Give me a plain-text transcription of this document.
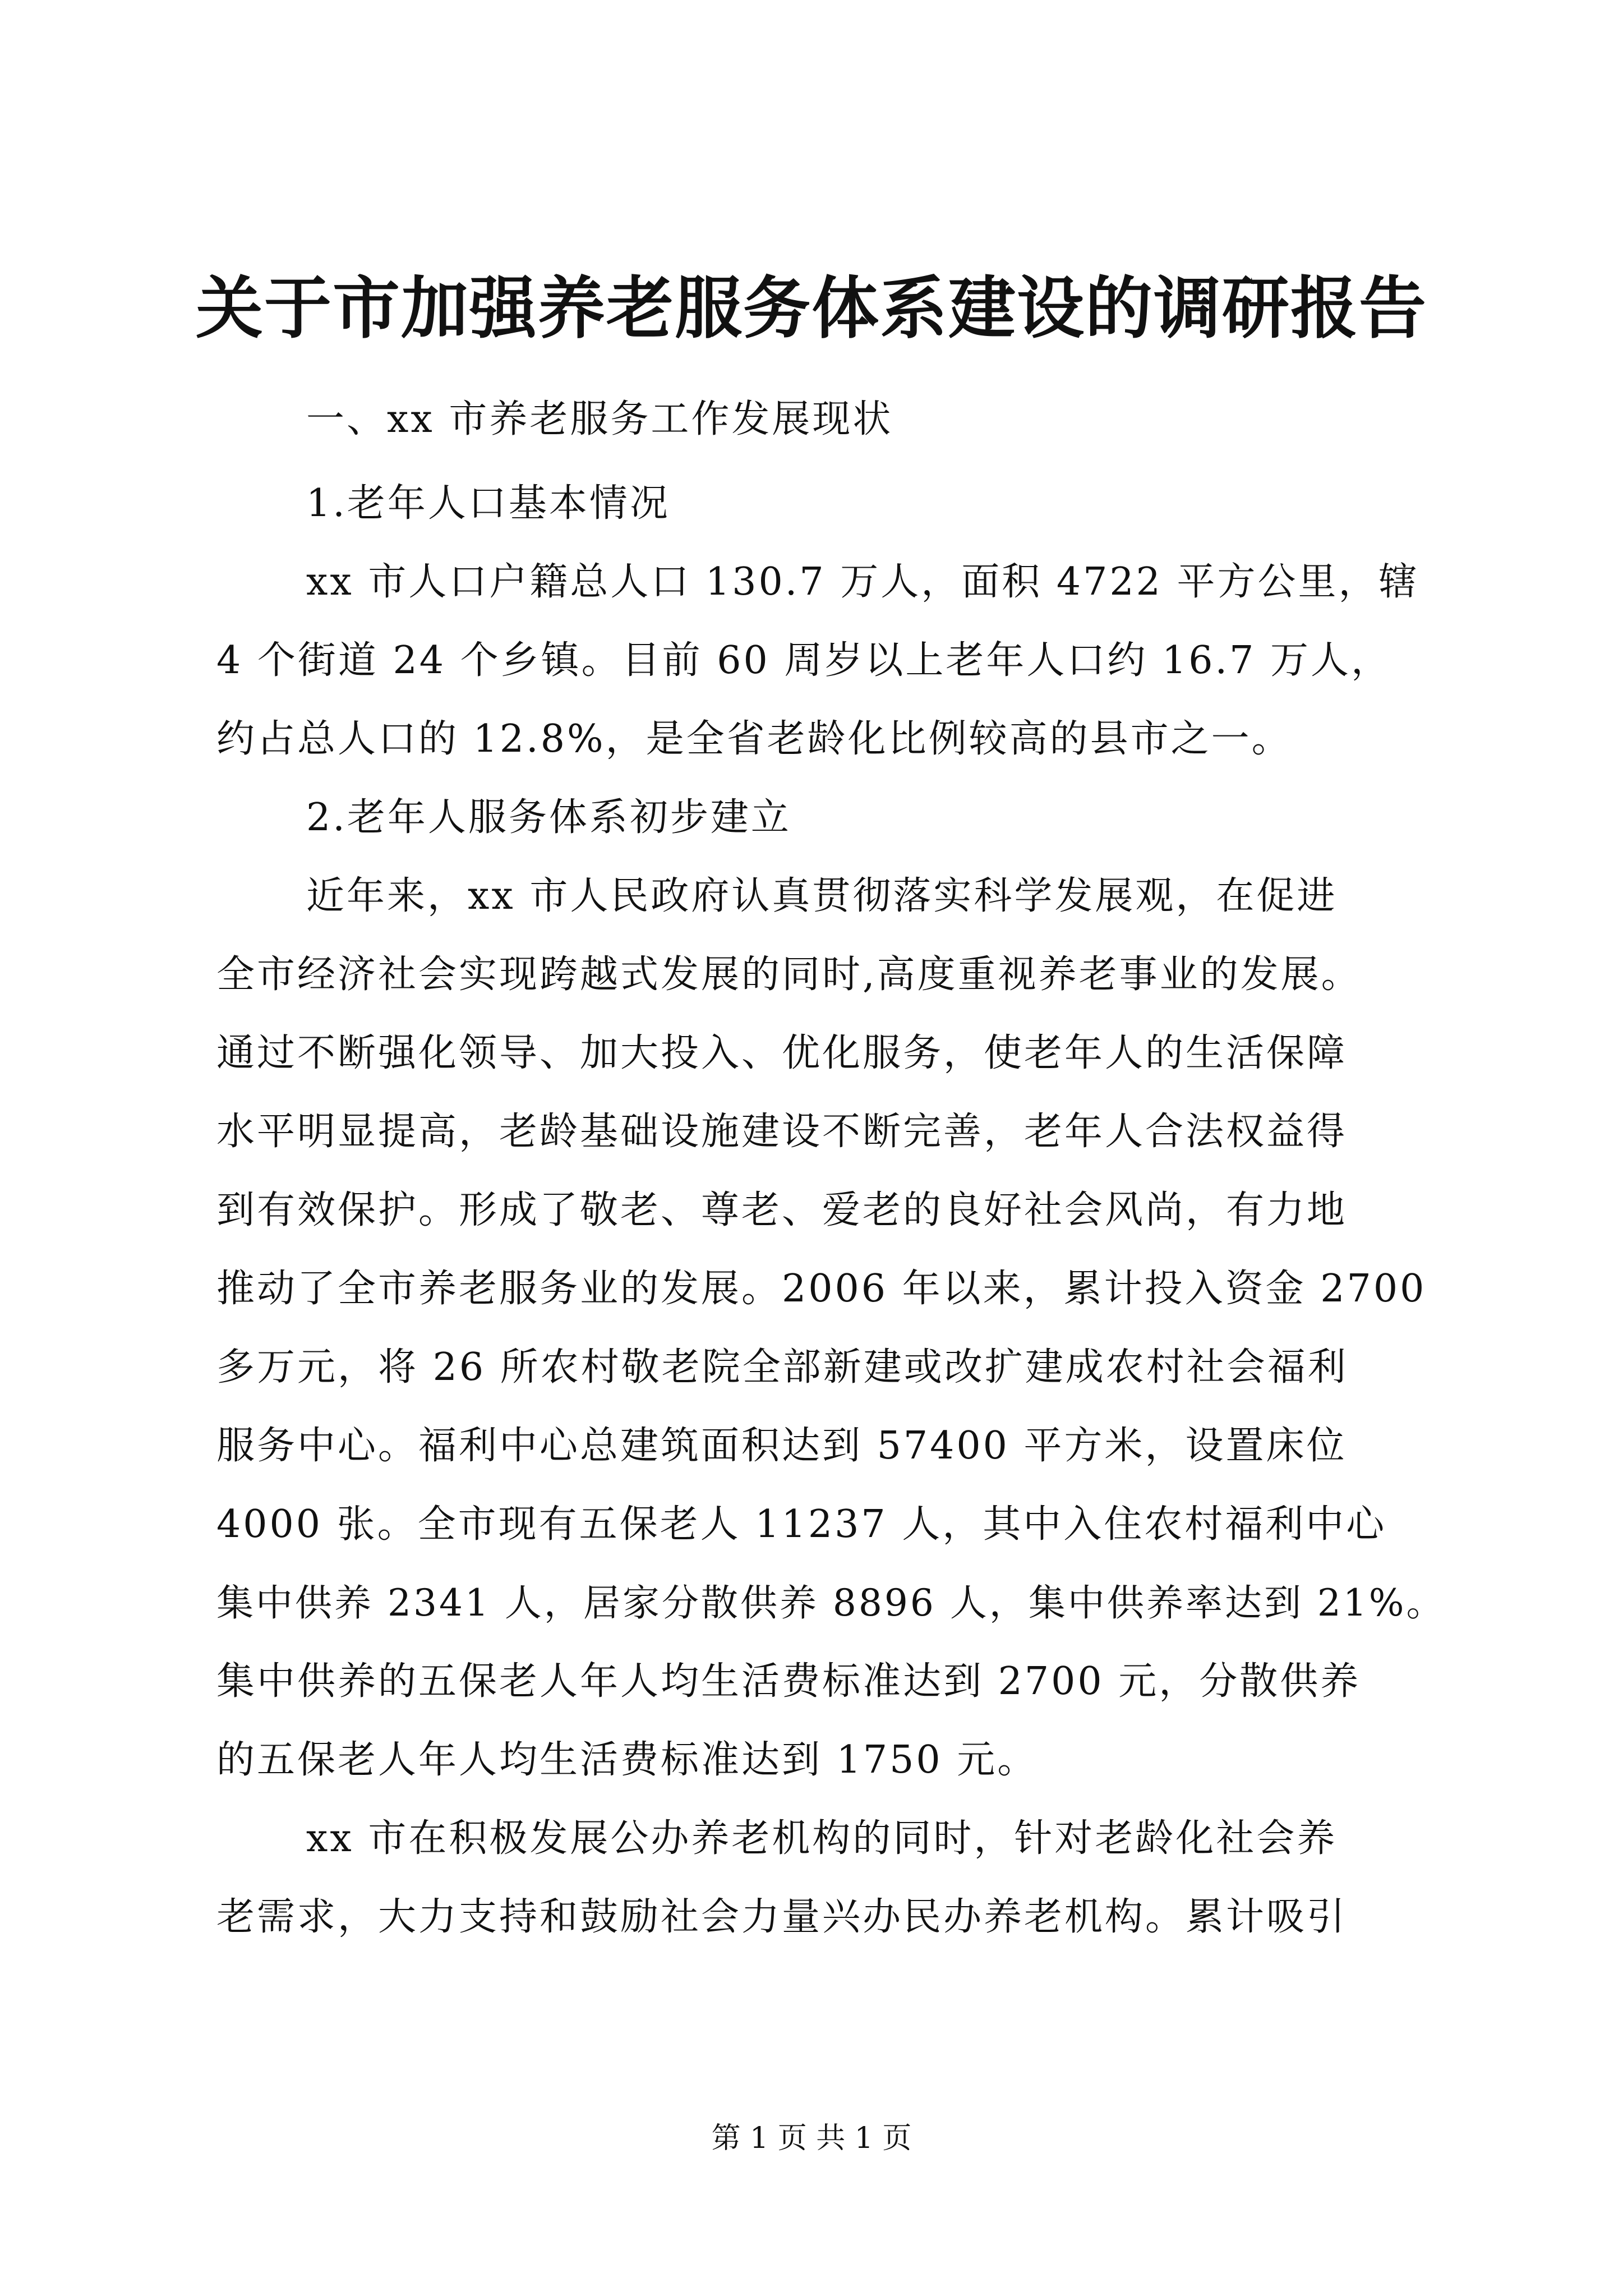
关于市加强养老服务体系建设的调研报告
一、xx 市养老服务工作发展现状
1.老年人口基本情况
xx 市人口户籍总人口 130.7 万人，面积 4722 平方公里，辖
4 个街道 24 个乡镇。目前 60 周岁以上老年人口约 16.7 万人，
约占总人口的 12.8%，是全省老龄化比例较高的县市之一。
2.老年人服务体系初步建立
近年来，xx 市人民政府认真贯彻落实科学发展观，在促进
全市经济社会实现跨越式发展的同时,高度重视养老事业的发展。
通过不断强化领导、加大投入、优化服务，使老年人的生活保障
水平明显提高，老龄基础设施建设不断完善，老年人合法权益得
到有效保护。形成了敬老、尊老、爱老的良好社会风尚，有力地
推动了全市养老服务业的发展。2006 年以来，累计投入资金 2700
多万元，将 26 所农村敬老院全部新建或改扩建成农村社会福利
服务中心。福利中心总建筑面积达到 57400 平方米，设置床位
4000 张。全市现有五保老人 11237 人，其中入住农村福利中心
集中供养 2341 人，居家分散供养 8896 人，集中供养率达到 21%。
集中供养的五保老人年人均生活费标准达到 2700 元，分散供养
的五保老人年人均生活费标准达到 1750 元。
xx 市在积极发展公办养老机构的同时，针对老龄化社会养
老需求，大力支持和鼓励社会力量兴办民办养老机构。累计吸引
第 1 页 共 1 页
